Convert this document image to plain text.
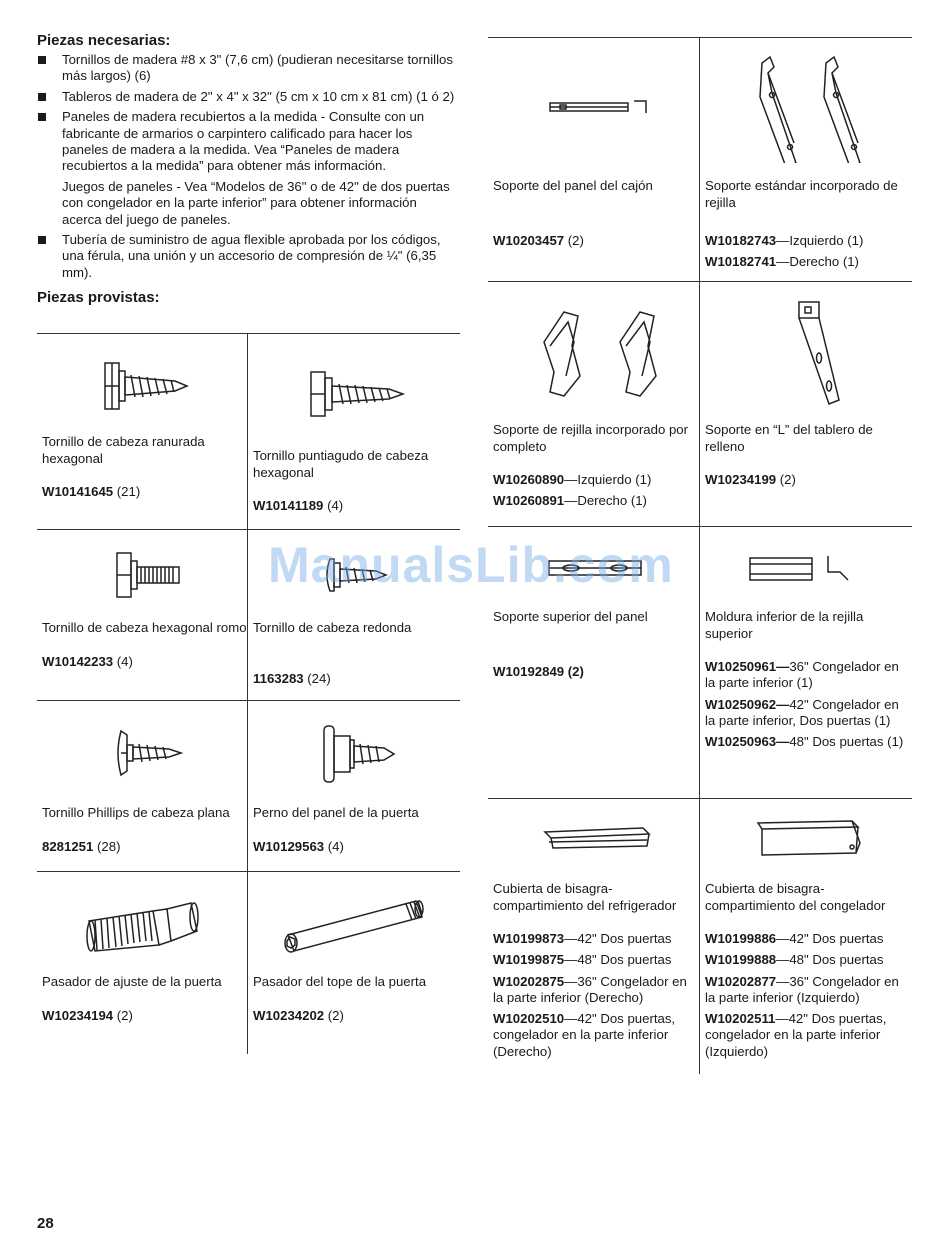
Piezas necesarias:

Tornillos de madera #8 x 3" (7,6 cm) (pudieran necesitarse tornillos más largos) (6)

Tableros de madera de 2" x 4" x 32" (5 cm x 10 cm x 81 cm) (1 ó 2)

Paneles de madera recubiertos a la medida - Consulte con un fabricante de armarios o carpintero calificado para hacer los paneles de madera a la medida. Vea “Paneles de madera recubiertos a la medida” para obtener más información.

Juegos de paneles - Vea “Modelos de 36" o de 42" de dos puertas con congelador en la parte inferior” para obtener información acerca del juego de paneles.

Tubería de suministro de agua flexible aprobada por los códigos, una férula, una unión y un accesorio de compresión de ¼" (6,35 mm).

Piezas provistas:

Tornillo de cabeza ranurada hexagonal

W10141645 (21)

Tornillo puntiagudo de cabeza hexagonal

W10141189 (4)

Tornillo de cabeza hexagonal romo

W10142233 (4)

Tornillo de cabeza redonda

1163283 (24)

Tornillo Phillips de cabeza plana

8281251 (28)

Perno del panel de la puerta

W10129563 (4)

Pasador de ajuste de la puerta

W10234194 (2)

Pasador del tope de la puerta

W10234202 (2)

Soporte del panel del cajón

W10203457 (2)

Soporte estándar incorporado de rejilla

W10182743—Izquierdo (1)

W10182741—Derecho (1)

Soporte de rejilla incorporado por completo

W10260890—Izquierdo (1)

W10260891—Derecho (1)

Soporte en “L” del tablero de relleno

W10234199 (2)

Soporte superior del panel

W10192849 (2)

Moldura inferior de la rejilla superior

W10250961—36" Congelador en la parte inferior (1)

W10250962—42" Congelador en la parte inferior, Dos puertas (1)

W10250963—48" Dos puertas (1)

Cubierta de bisagra-compartimiento del refrigerador

W10199873—42" Dos puertas

W10199875—48" Dos puertas

W10202875—36" Congelador en la parte inferior (Derecho)

W10202510—42" Dos puertas, congelador en la parte inferior (Derecho)

Cubierta de bisagra-compartimiento del congelador

W10199886—42" Dos puertas

W10199888—48" Dos puertas

W10202877—36" Congelador en la parte inferior (Izquierdo)

W10202511—42" Dos puertas, congelador en la parte inferior (Izquierdo)

ManualsLib.com
28
